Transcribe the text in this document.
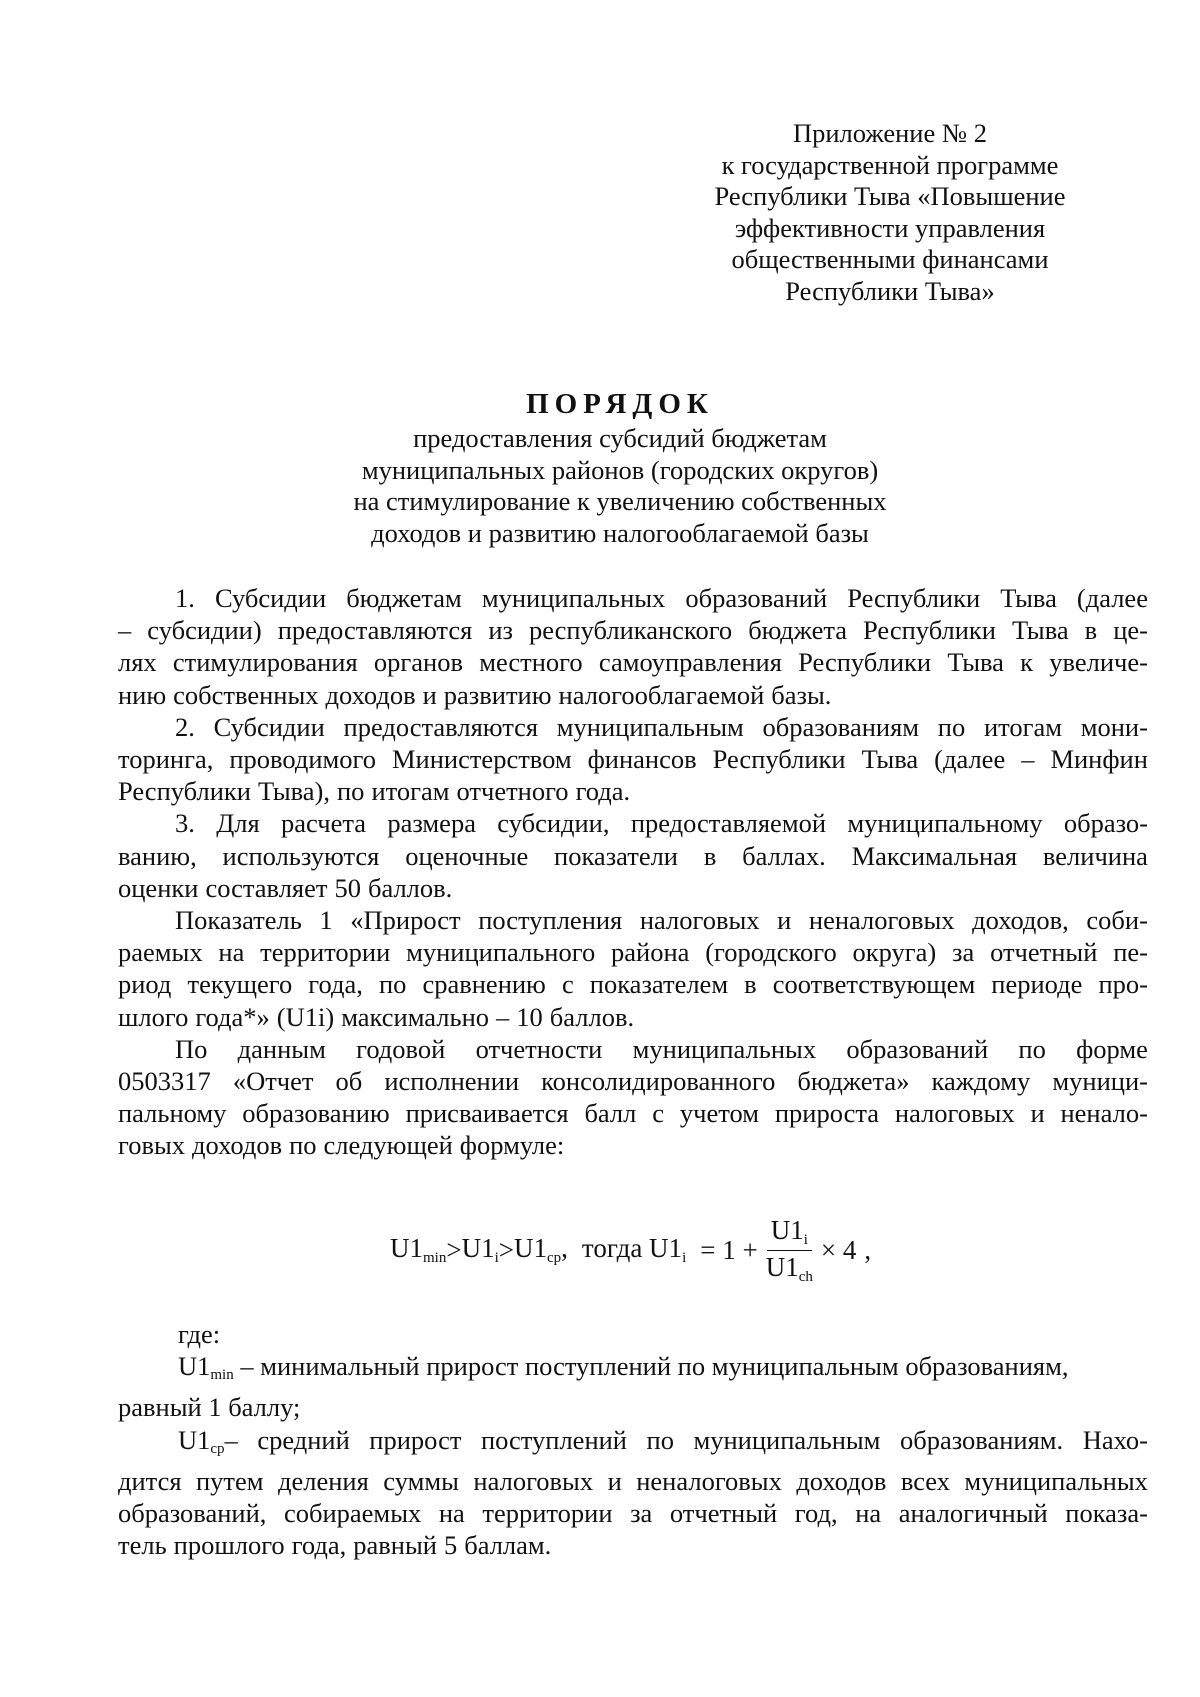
Приложение № 2
к государственной программе
Республики Тыва «Повышение
эффективности управления
общественными финансами
Республики Тыва»
ПОРЯДОК
предоставления субсидий бюджетам
муниципальных районов (городских округов)
на стимулирование к увеличению собственных
доходов и развитию налогооблагаемой базы
1. Субсидии бюджетам муниципальных образований Республики Тыва (далее
– субсидии) предоставляются из республиканского бюджета Республики Тыва в це-
лях стимулирования органов местного самоуправления Республики Тыва к увеличе-
нию собственных доходов и развитию налогооблагаемой базы.
2. Субсидии предоставляются муниципальным образованиям по итогам мони-
торинга, проводимого Министерством финансов Республики Тыва (далее – Минфин
Республики Тыва), по итогам отчетного года.
3. Для расчета размера субсидии, предоставляемой муниципальному образо-
ванию, используются оценочные показатели в баллах. Максимальная величина
оценки составляет 50 баллов.
Показатель 1 «Прирост поступления налоговых и неналоговых доходов, соби-
раемых на территории муниципального района (городского округа) за отчетный пе-
риод текущего года, по сравнению с показателем в соответствующем периоде про-
шлого года*» (U1i) максимально – 10 баллов.
По данным годовой отчетности муниципальных образований по форме
0503317 «Отчет об исполнении консолидированного бюджета» каждому муници-
пальному образованию присваивается балл с учетом прироста налоговых и ненало-
говых доходов по следующей формуле:
$U1_{min} > U1_i > U1_{ср}$, тогда $U1_i = 1 + \frac{U1_i}{U1_{ch}} \times 4$ ,
где:
$U1_{min}$ – минимальный прирост поступлений по муниципальным образованиям,
равный 1 баллу;
$U1_{ср}$ – средний прирост поступлений по муниципальным образованиям. Нахо-
дится путем деления суммы налоговых и неналоговых доходов всех муниципальных
образований, собираемых на территории за отчетный год, на аналогичный показа-
тель прошлого года, равный 5 баллам.
